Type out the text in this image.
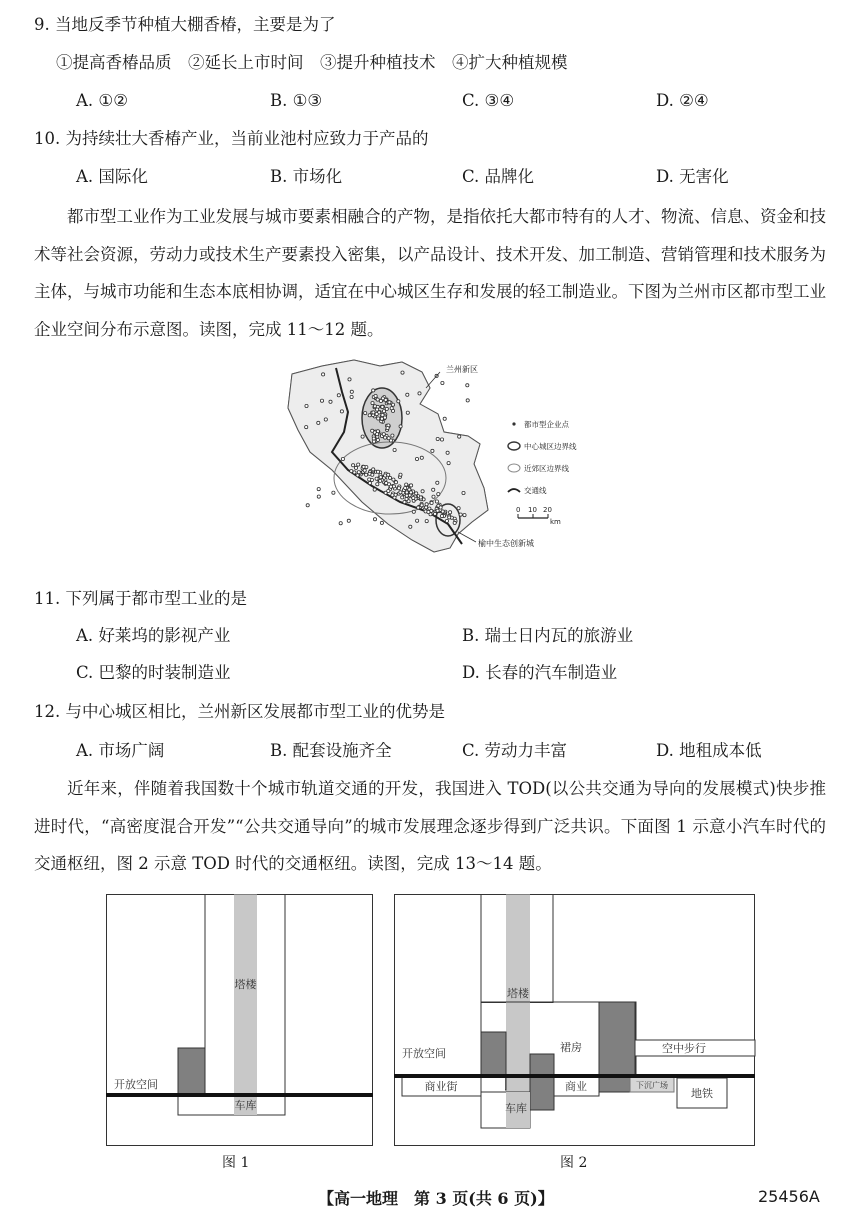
9. 当地反季节种植大棚香椿，主要是为了
①提高香椿品质　②延长上市时间　③提升种植技术　④扩大种植规模
A. ①②	B. ①③	C. ③④	D. ②④
10. 为持续壮大香椿产业，当前业池村应致力于产品的
A. 国际化	B. 市场化	C. 品牌化	D. 无害化
都市型工业作为工业发展与城市要素相融合的产物，是指依托大都市特有的人才、物流、信息、资金和技术等社会资源，劳动力或技术生产要素投入密集，以产品设计、技术开发、加工制造、营销管理和技术服务为主体，与城市功能和生态本底相协调，适宜在中心城区生存和发展的轻工制造业。下图为兰州市区都市型工业企业空间分布示意图。读图，完成 11～12 题。
兰州新区
榆中生态创新城
都市型企业点
中心城区边界线
近郊区边界线
交通线
0 10 20
km
11. 下列属于都市型工业的是
A. 好莱坞的影视产业	B. 瑞士日内瓦的旅游业
C. 巴黎的时装制造业	D. 长春的汽车制造业
12. 与中心城区相比，兰州新区发展都市型工业的优势是
A. 市场广阔	B. 配套设施齐全	C. 劳动力丰富	D. 地租成本低
近年来，伴随着我国数十个城市轨道交通的开发，我国进入 TOD(以公共交通为导向的发展模式)快步推进时代，“高密度混合开发”“公共交通导向”的城市发展理念逐步得到广泛共识。下面图 1 示意小汽车时代的交通枢纽，图 2 示意 TOD 时代的交通枢纽。读图，完成 13～14 题。
塔楼
开放空间
车库
图 1
塔楼
空中步行
裙房
开放空间
商业街	商业	下沉广场
地铁
车库
图 2
【高一地理　第 3 页(共 6 页)】	25456A
